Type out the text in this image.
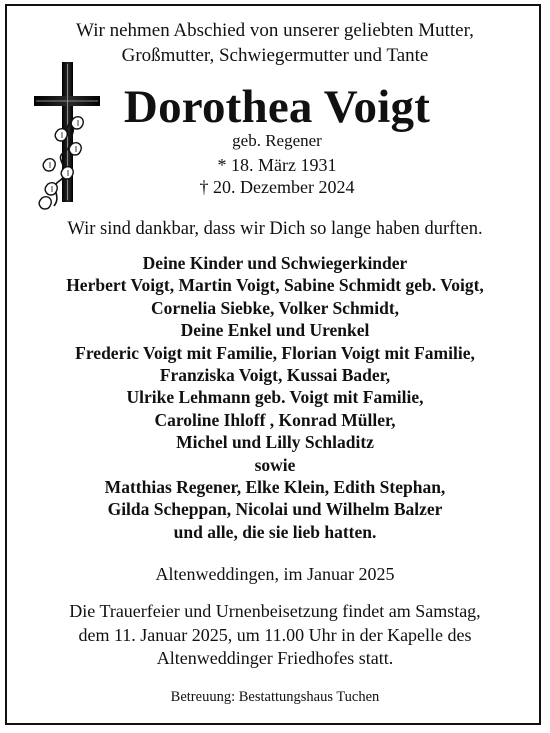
Wir nehmen Abschied von unserer geliebten Mutter,
Großmutter, Schwiegermutter und Tante
Dorothea Voigt
geb. Regener
* 18. März 1931
† 20. Dezember 2024
Wir sind dankbar, dass wir Dich so lange haben durften.
Deine Kinder und Schwiegerkinder
Herbert Voigt, Martin Voigt, Sabine Schmidt geb. Voigt,
Cornelia Siebke, Volker Schmidt,
Deine Enkel und Urenkel
Frederic Voigt mit Familie, Florian Voigt mit Familie,
Franziska Voigt, Kussai Bader,
Ulrike Lehmann geb. Voigt mit Familie,
Caroline Ihloff , Konrad Müller,
Michel und Lilly Schladitz
sowie
Matthias Regener, Elke Klein, Edith Stephan,
Gilda Scheppan, Nicolai und Wilhelm Balzer
und alle, die sie lieb hatten.
Altenweddingen, im Januar 2025
Die Trauerfeier und Urnenbeisetzung findet am Samstag,
dem 11. Januar 2025, um 11.00 Uhr in der Kapelle des
Altenweddinger Friedhofes statt.
Betreuung: Bestattungshaus Tuchen
